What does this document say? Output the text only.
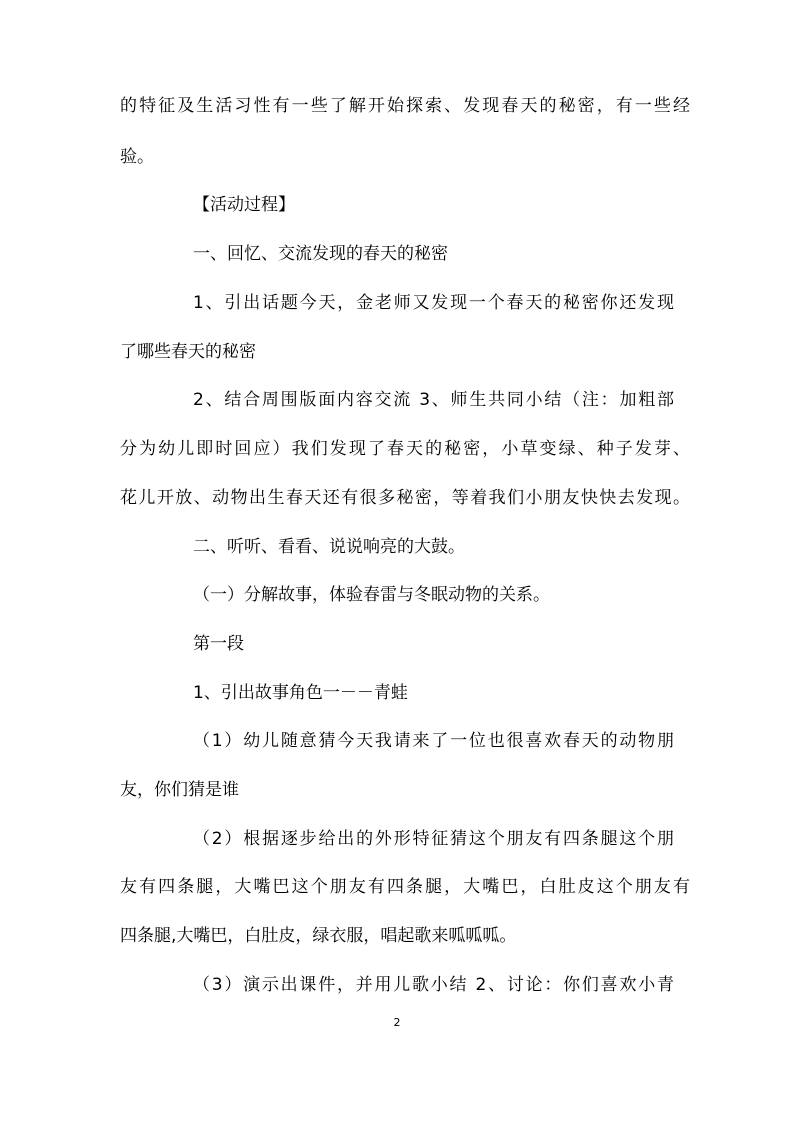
的特征及生活习性有一些了解开始探索、发现春天的秘密，有一些经

验。

【活动过程】

一、回忆、交流发现的春天的秘密

1、引出话题今天，金老师又发现一个春天的秘密你还发现

了哪些春天的秘密

2、结合周围版面内容交流 3、师生共同小结（注：加粗部

分为幼儿即时回应）我们发现了春天的秘密，小草变绿、种子发芽、

花儿开放、动物出生春天还有很多秘密，等着我们小朋友快快去发现。

二、听听、看看、说说响亮的大鼓。

（一）分解故事，体验春雷与冬眠动物的关系。

第一段

1、引出故事角色一－－青蛙

（1）幼儿随意猜今天我请来了一位也很喜欢春天的动物朋

友，你们猜是谁

（2）根据逐步给出的外形特征猜这个朋友有四条腿这个朋

友有四条腿，大嘴巴这个朋友有四条腿，大嘴巴，白肚皮这个朋友有

四条腿,大嘴巴，白肚皮，绿衣服，唱起歌来呱呱呱。

（3）演示出课件，并用儿歌小结 2、讨论：你们喜欢小青

2
